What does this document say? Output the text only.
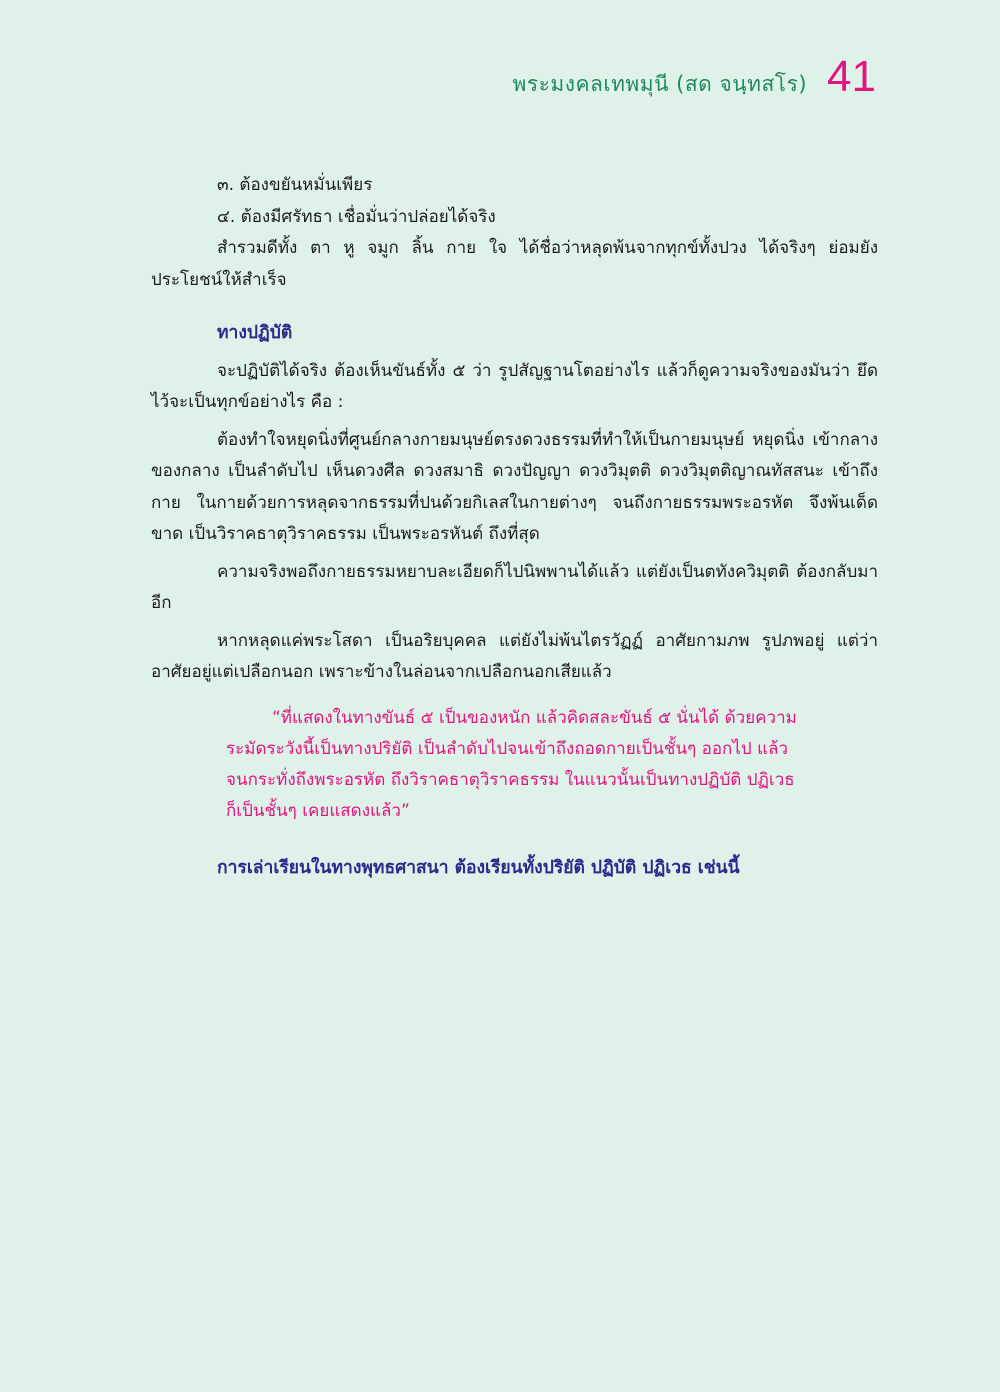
พระมงคลเทพมุนี (สด จนฺทสโร) 41

๓. ต้องขยันหมั่นเพียร

๔. ต้องมีศรัทธา เชื่อมั่นว่าปล่อยได้จริง

สำรวมดีทั้ง ตา หู จมูก ลิ้น กาย ใจ ได้ชื่อว่าหลุดพ้นจากทุกข์ทั้งปวง ได้จริงๆ ย่อมยังประโยชน์ให้สำเร็จ

ทางปฏิบัติ

จะปฏิบัติได้จริง ต้องเห็นขันธ์ทั้ง ๕ ว่า รูปสัญฐานโตอย่างไร แล้วก็ดูความจริงของมันว่า ยึดไว้จะเป็นทุกข์อย่างไร คือ :

ต้องทำใจหยุดนิ่งที่ศูนย์กลางกายมนุษย์ตรงดวงธรรมที่ทำให้เป็นกายมนุษย์ หยุดนิ่ง เข้ากลางของกลาง เป็นลำดับไป เห็นดวงศีล ดวงสมาธิ ดวงปัญญา ดวงวิมุตติ ดวงวิมุตติญาณทัสสนะ เข้าถึงกาย ในกายด้วยการหลุดจากธรรมที่ปนด้วยกิเลสในกายต่างๆ จนถึงกายธรรมพระอรหัต จึงพ้นเด็ดขาด เป็นวิราคธาตุวิราคธรรม เป็นพระอรหันต์ ถึงที่สุด

ความจริงพอถึงกายธรรมหยาบละเอียดก็ไปนิพพานได้แล้ว แต่ยังเป็นตทังควิมุตติ ต้องกลับมาอีก

หากหลุดแค่พระโสดา เป็นอริยบุคคล แต่ยังไม่พ้นไตรวัฏฏ์ อาศัยกามภพ รูปภพอยู่ แต่ว่าอาศัยอยู่แต่เปลือกนอก เพราะข้างในล่อนจากเปลือกนอกเสียแล้ว

“ที่แสดงในทางขันธ์ ๕ เป็นของหนัก แล้วคิดสละขันธ์ ๕ นั่นได้ ด้วยความ

ระมัดระวังนี้เป็นทางปริยัติ เป็นลำดับไปจนเข้าถึงถอดกายเป็นชั้นๆ ออกไป แล้ว

จนกระทั่งถึงพระอรหัต ถึงวิราคธาตุวิราคธรรม ในแนวนั้นเป็นทางปฏิบัติ ปฏิเวธ

ก็เป็นชั้นๆ เคยแสดงแล้ว”

การเล่าเรียนในทางพุทธศาสนา ต้องเรียนทั้งปริยัติ ปฏิบัติ ปฏิเวธ เช่นนี้
